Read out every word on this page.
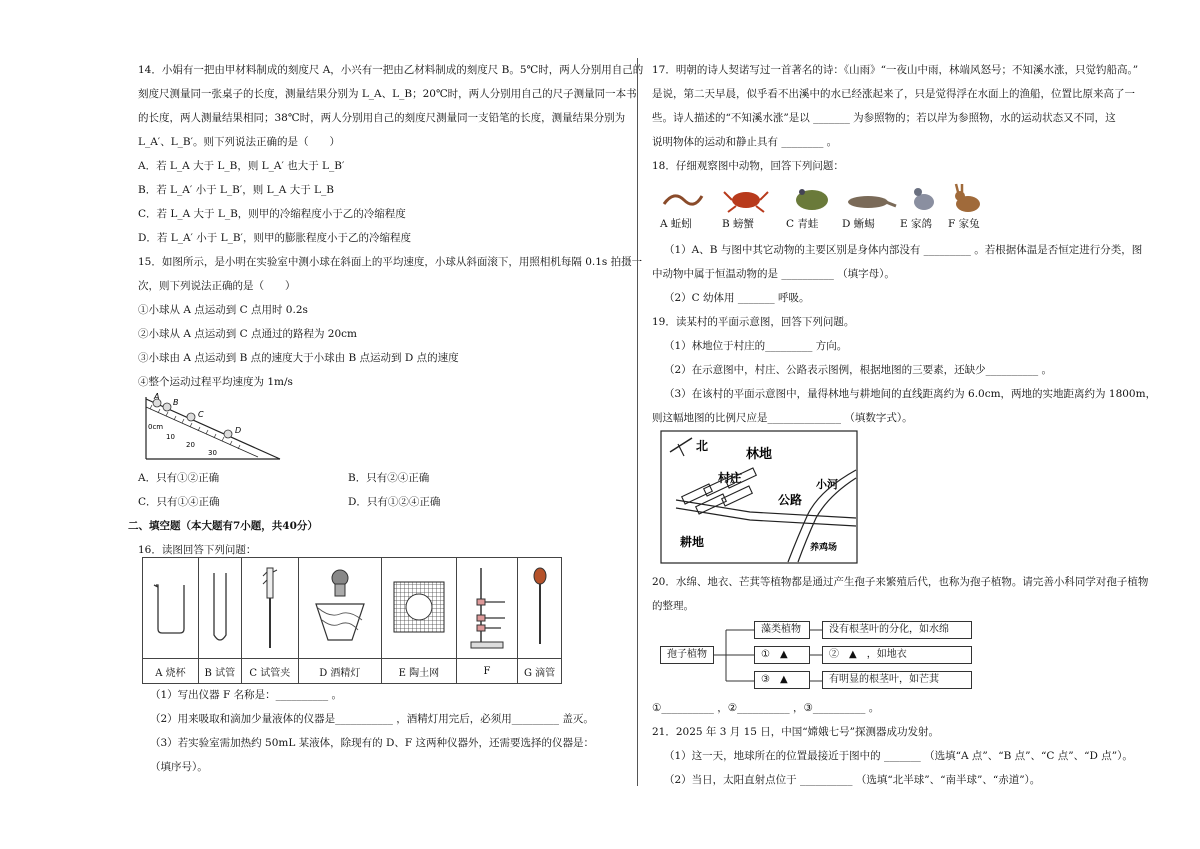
14．小娟有一把由甲材料制成的刻度尺 A，小兴有一把由乙材料制成的刻度尺 B。5℃时，两人分别用自己的
刻度尺测量同一张桌子的长度，测量结果分别为 L_A、L_B；20℃时，两人分别用自己的尺子测量同一本书
的长度，两人测量结果相同；38℃时，两人分别用自己的刻度尺测量同一支铅笔的长度，测量结果分别为
L_A′、L_B′。则下列说法正确的是（　　）
A．若 L_A 大于 L_B，则 L_A′ 也大于 L_B′
B．若 L_A′ 小于 L_B′，则 L_A 大于 L_B
C．若 L_A 大于 L_B，则甲的冷缩程度小于乙的冷缩程度
D．若 L_A′ 小于 L_B′，则甲的膨胀程度小于乙的冷缩程度
15．如图所示，是小明在实验室中测小球在斜面上的平均速度，小球从斜面滚下，用照相机每隔 0.1s 拍摄一
次，则下列说法正确的是（　　）
①小球从 A 点运动到 C 点用时 0.2s
②小球从 A 点运动到 C 点通过的路程为 20cm
③小球由 A 点运动到 B 点的速度大于小球由 B 点运动到 D 点的速度
④整个运动过程平均速度为 1m/s
A．只有①②正确	B．只有②④正确
C．只有①④正确	D．只有①②④正确
二、填空题（本大题有7小题，共40分）
16．读图回答下列问题：
（1）写出仪器 F 名称是：__________ 。
（2）用来吸取和滴加少量液体的仪器是___________ ，酒精灯用完后，必须用_________ 盖灭。
（3）若实验室需加热约 50mL 某液体，除现有的 D、F 这两种仪器外，还需要选择的仪器是：
（填序号）。
A
B
C
D
0cm
10
20
30

A 烧杯	B 试管	C 试管夹	D 酒精灯	E 陶土网	F	G 滴管
17．明朝的诗人契诺写过一首著名的诗：《山雨》“一夜山中雨，林端风怒号；不知溪水涨，只觉钓船高。”
是说，第二天早晨，似乎看不出溪中的水已经涨起来了，只是觉得浮在水面上的渔船，位置比原来高了一
些。诗人描述的“不知溪水涨”是以 _______ 为参照物的；若以岸为参照物，水的运动状态又不同，这
说明物体的运动和静止具有 ________ 。
18．仔细观察图中动物，回答下列问题：
A 蚯蚓	B 螃蟹	C 青蛙 D 蜥蜴 E 家鸽 F 家兔
（1）A、B 与图中其它动物的主要区别是身体内部没有 _________ 。若根据体温是否恒定进行分类，图
中动物中属于恒温动物的是 __________ （填字母）。
（2）C 幼体用 _______ 呼吸。
19．读某村的平面示意图，回答下列问题。
（1）林地位于村庄的_________ 方向。
（2）在示意图中，村庄、公路表示图例，根据地图的三要素，还缺少__________ 。
（3）在该村的平面示意图中，量得林地与耕地间的直线距离约为 6.0cm，两地的实地距离约为 1800m，
则这幅地图的比例尺应是______________ （填数字式）。
20．水绵、地衣、芒萁等植物都是通过产生孢子来繁殖后代，也称为孢子植物。请完善小科同学对孢子植物
的整理。
①__________ ，②__________ ，③__________ 。
21．2025 年 3 月 15 日，中国“嫦娥七号”探测器成功发射。
（1）这一天，地球所在的位置最接近于图中的 _______ （选填“A 点”、“B 点”、“C 点”、“D 点”）。
（2）当日，太阳直射点位于 __________ （选填“北半球”、“南半球”、“赤道”）。
北
林地
村庄
公路
小河
耕地	养鸡场
孢子植物
藻类植物
①　▲
③　▲
没有根茎叶的分化，如水绵
②　▲　，如地衣
有明显的根茎叶，如芒萁
